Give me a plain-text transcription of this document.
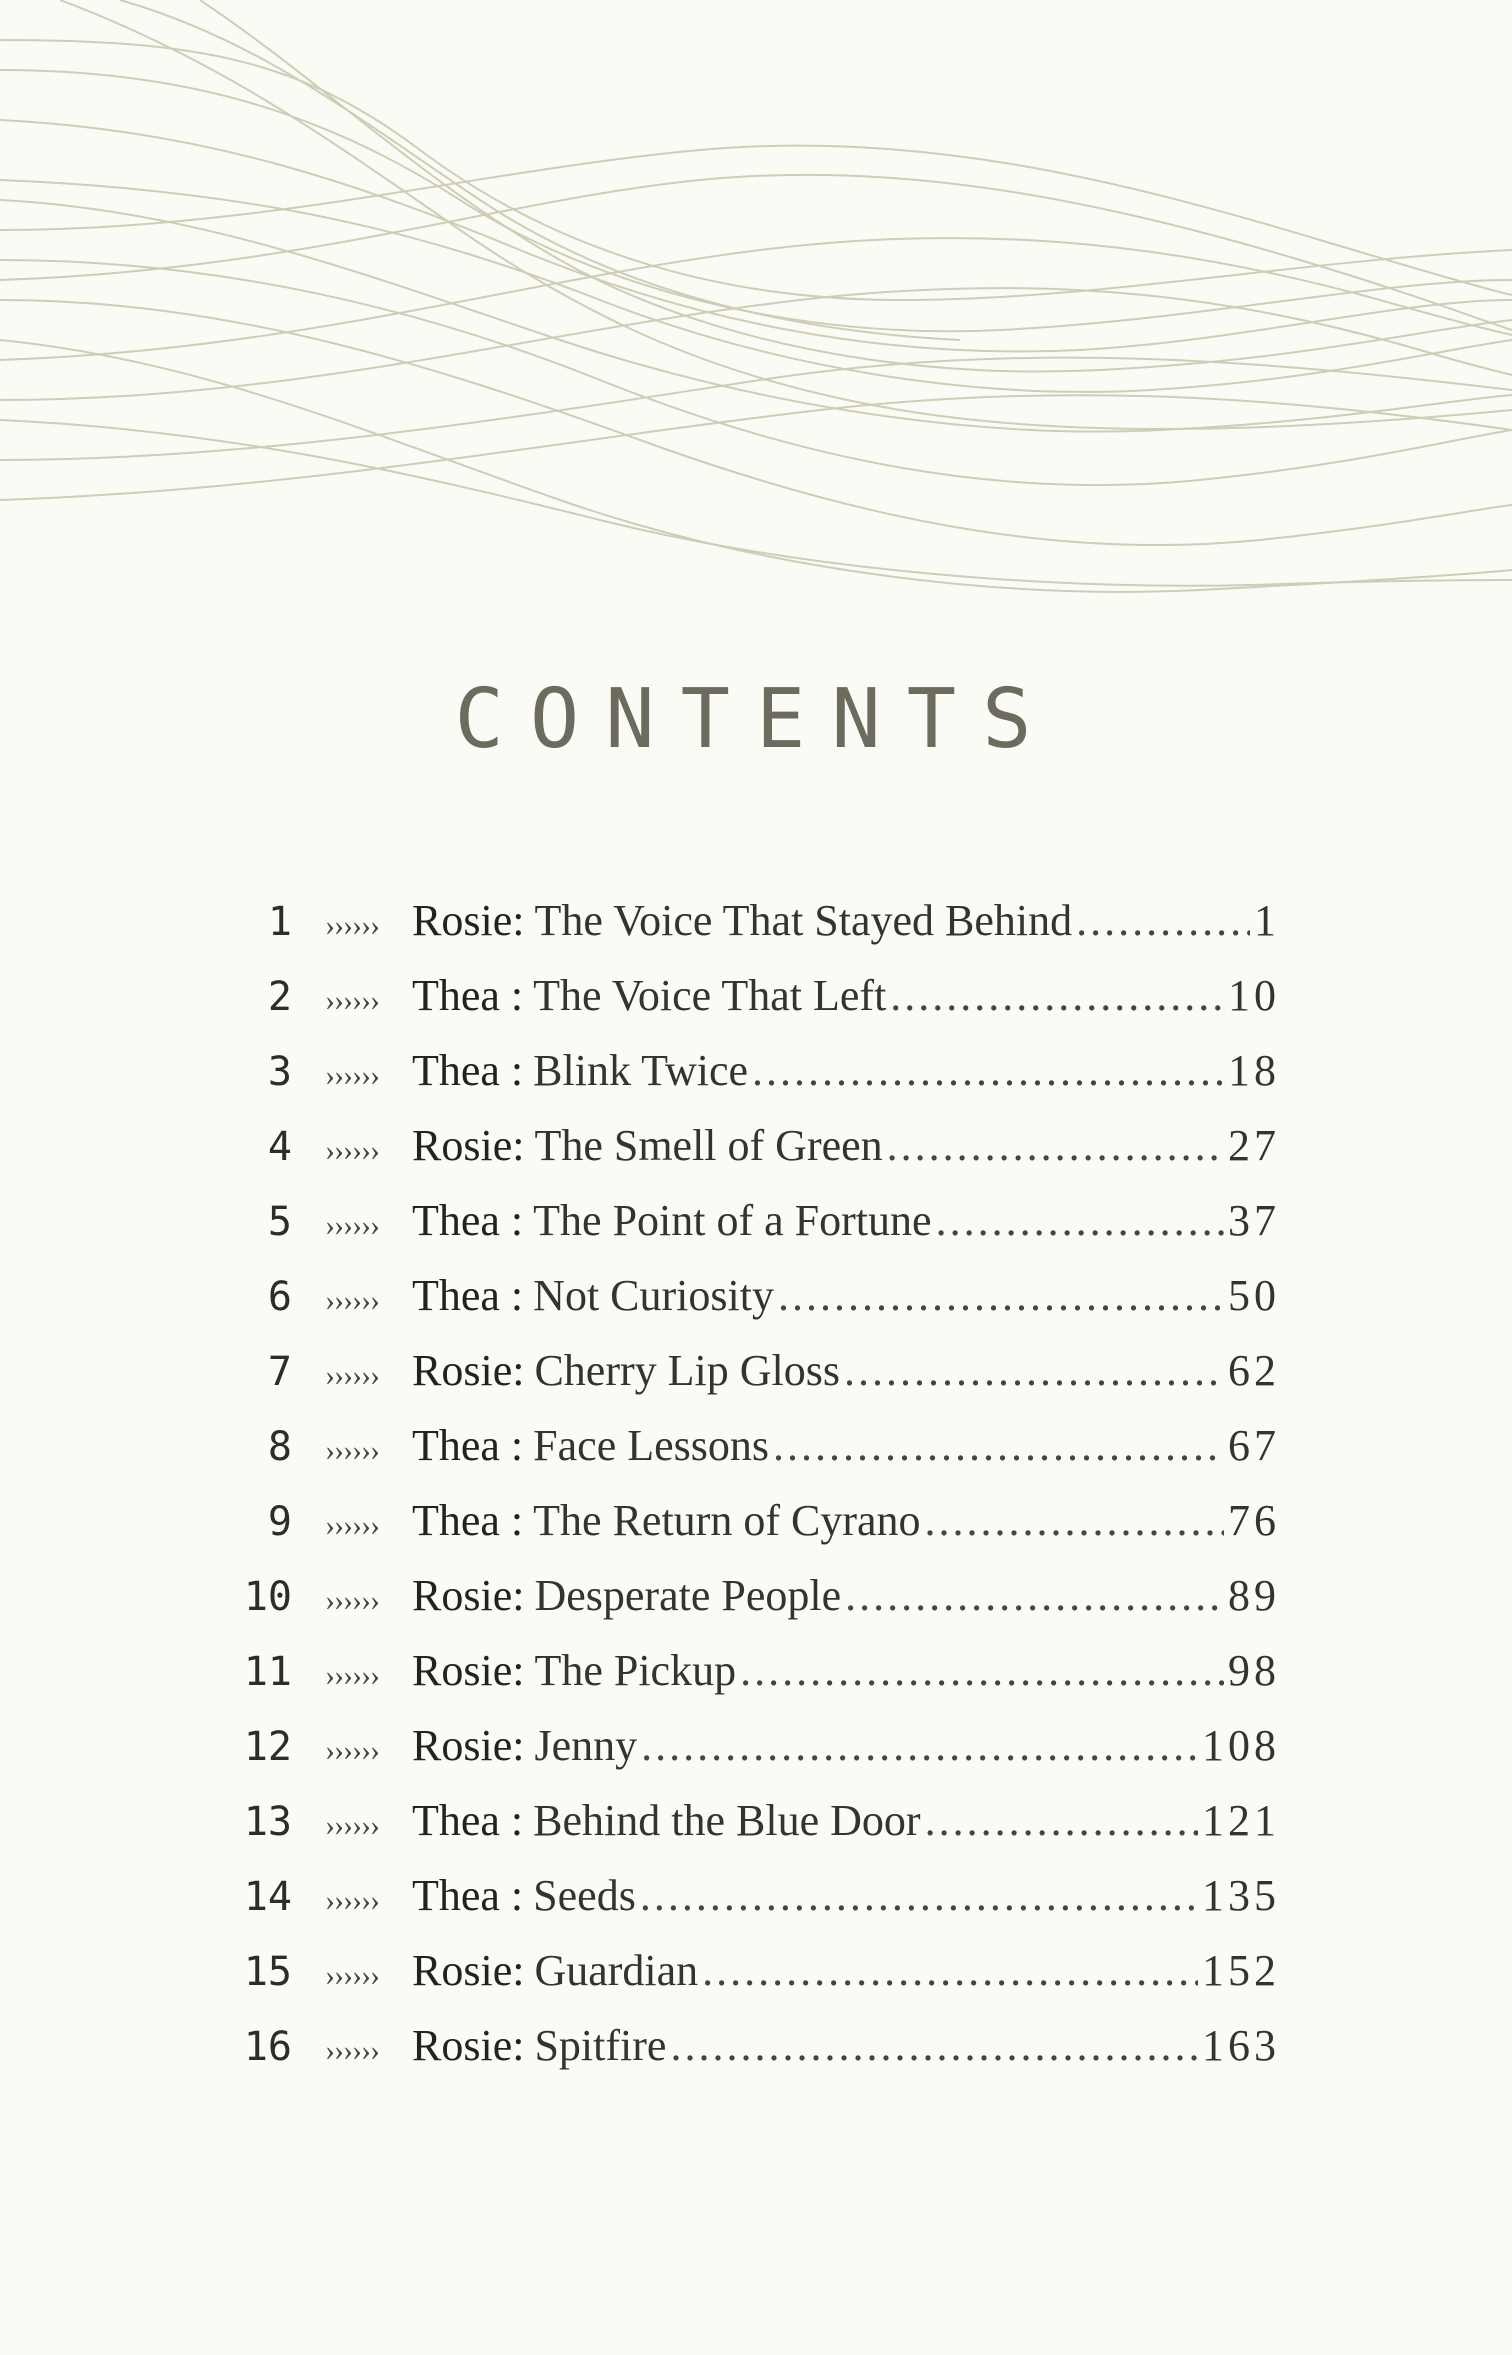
CONTENTS
1	›››››› Rosie: The Voice That Stayed Behind .....	1
2	›››››› Thea : The Voice That Left .....	10
3	›››››› Thea : Blink Twice .....	18
4	›››››› Rosie: The Smell of Green .....	27
5	›››››› Thea : The Point of a Fortune .....	37
6	›››››› Thea : Not Curiosity .....	50
7	›››››› Rosie: Cherry Lip Gloss .....	62
8	›››››› Thea : Face Lessons .....	67
9	›››››› Thea : The Return of Cyrano .....	76
10	›››››› Rosie: Desperate People .....	89
11	›››››› Rosie: The Pickup .....	98
12	›››››› Rosie: Jenny .....	108
13	›››››› Thea : Behind the Blue Door .....	121
14	›››››› Thea : Seeds .....	135
15	›››››› Rosie: Guardian .....	152
16	›››››› Rosie: Spitfire .....	163
